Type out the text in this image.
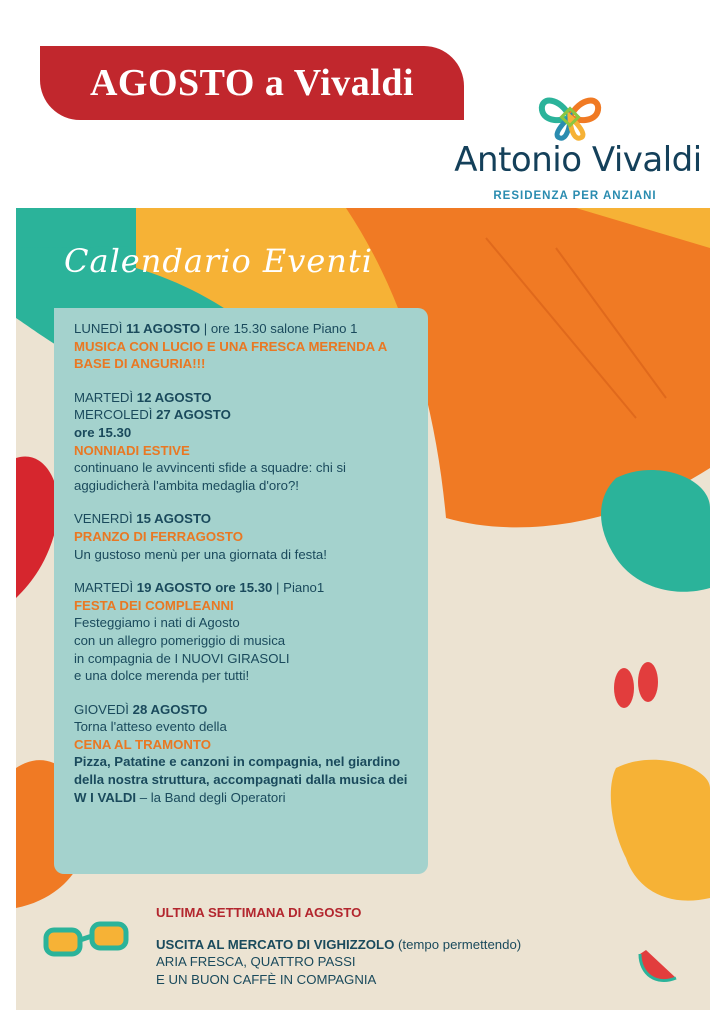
AGOSTO a Vivaldi
Antonio Vivaldi
RESIDENZA PER ANZIANI
Calendario Eventi
LUNEDÌ 11 AGOSTO | ore 15.30 salone Piano 1
MUSICA CON LUCIO E UNA FRESCA MERENDA A BASE DI ANGURIA!!!
MARTEDÌ 12 AGOSTO
MERCOLEDÌ 27 AGOSTO
ore 15.30
NONNIADI ESTIVE
continuano le avvincenti sfide a squadre: chi si aggiudicherà l'ambita medaglia d'oro?!
VENERDÌ 15 AGOSTO
PRANZO DI FERRAGOSTO
Un gustoso menù per una giornata di festa!
MARTEDÌ 19 AGOSTO ore 15.30 | Piano1
FESTA DEI COMPLEANNI
Festeggiamo i nati di Agosto
con un allegro pomeriggio di musica
in compagnia de I NUOVI GIRASOLI
e una dolce merenda per tutti!
GIOVEDÌ 28 AGOSTO
Torna l'atteso evento della
CENA AL TRAMONTO
Pizza, Patatine e canzoni in compagnia, nel giardino della nostra struttura, accompagnati dalla musica dei
W I VALDI – la Band degli Operatori
ULTIMA SETTIMANA DI AGOSTO
USCITA AL MERCATO DI VIGHIZZOLO (tempo permettendo)
ARIA FRESCA, QUATTRO PASSI
E UN BUON CAFFÈ IN COMPAGNIA
